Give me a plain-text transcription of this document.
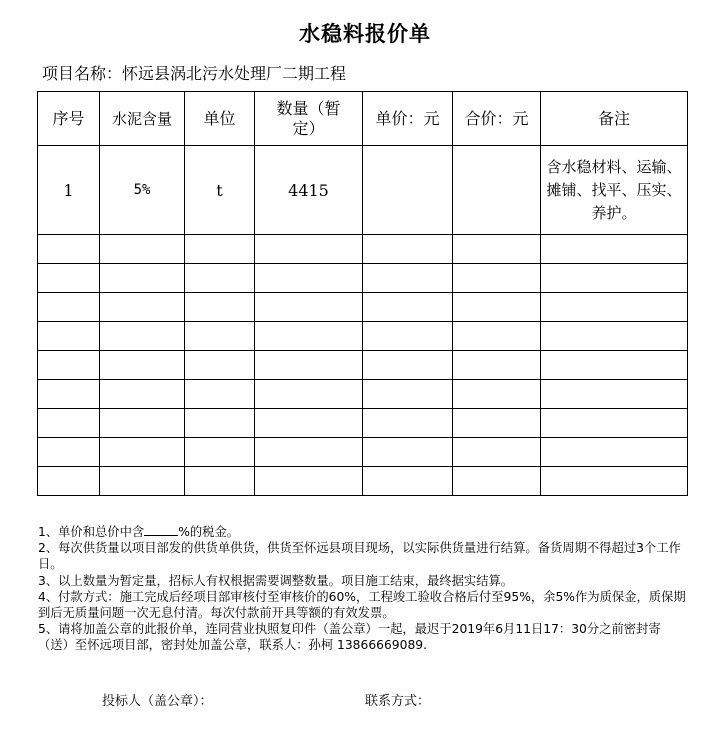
水稳料报价单
项目名称：怀远县涡北污水处理厂二期工程
序号	水泥含量	单位	数量（暂定）	单价：元	合价：元	备注
1	5%	t	4415			含水稳材料、运输、摊铺、找平、压实、养护。

1、单价和总价中含	%的税金。

2、每次供货量以项目部发的供货单供货，供货至怀远县项目现场，以实际供货量进行结算。备货周期不得超过3个工作日。

3、以上数量为暂定量，招标人有权根据需要调整数量。项目施工结束，最终据实结算。

4、付款方式：施工完成后经项目部审核付至审核价的60%，工程竣工验收合格后付至95%，余5%作为质保金，质保期到后无质量问题一次无息付清。每次付款前开具等额的有效发票。

5、请将加盖公章的此报价单，连同营业执照复印件（盖公章）一起，最迟于2019年6月11日17：30分之前密封寄（送）至怀远项目部，密封处加盖公章，联系人：孙柯 13866669089.

投标人（盖公章）：	联系方式：
